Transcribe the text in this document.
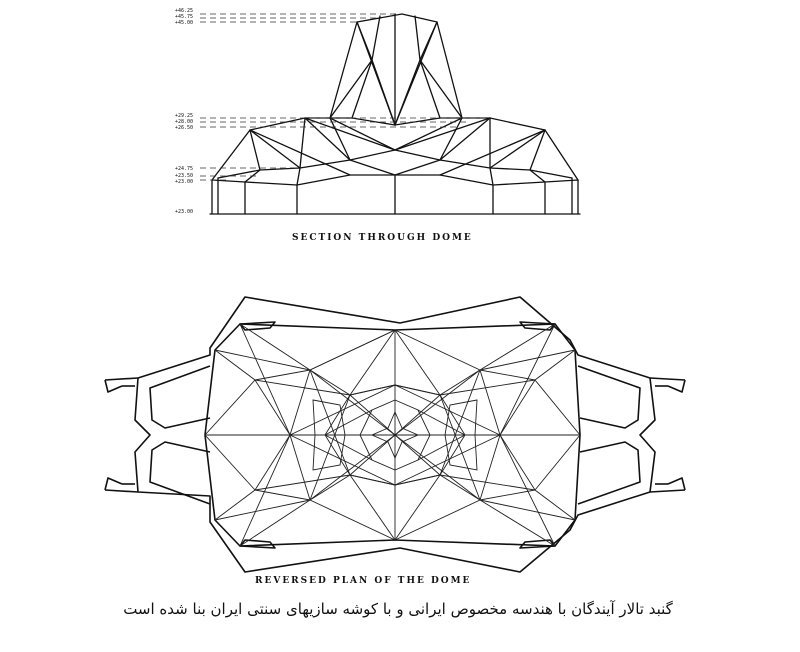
+46.25
+45.75
+45.00
+29.25
+28.00
+26.50
+24.75
+23.50
+23.00
+23.00
SECTION THROUGH DOME
REVERSED PLAN OF THE DOME
گنبد تالار آیندگان با هندسه مخصوص ایرانی و با کوشه سازیهای سنتی ایران بنا شده است
